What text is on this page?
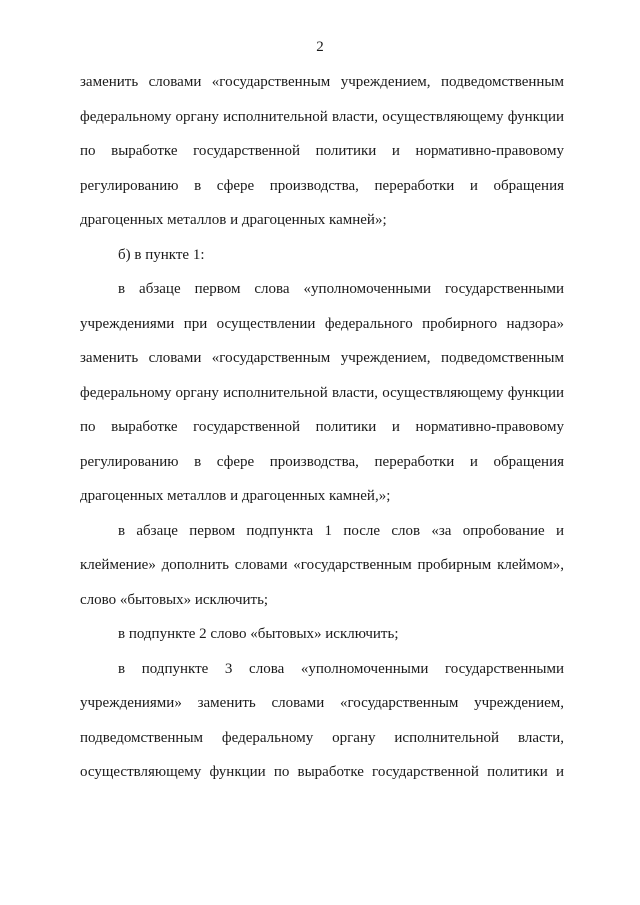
2
заменить словами «государственным учреждением, подведомственным
федеральному органу исполнительной власти, осуществляющему функции
по выработке государственной политики и нормативно-правовому
регулированию в сфере производства, переработки и обращения
драгоценных металлов и драгоценных камней»;
б) в пункте 1:
в абзаце первом слова «уполномоченными государственными
учреждениями при осуществлении федерального пробирного надзора»
заменить словами «государственным учреждением, подведомственным
федеральному органу исполнительной власти, осуществляющему функции
по выработке государственной политики и нормативно-правовому
регулированию в сфере производства, переработки и обращения
драгоценных металлов и драгоценных камней,»;
в абзаце первом подпункта 1 после слов «за опробование и
клеймение» дополнить словами «государственным пробирным клеймом»,
слово «бытовых» исключить;
в подпункте 2 слово «бытовых» исключить;
в подпункте 3 слова «уполномоченными государственными
учреждениями» заменить словами «государственным учреждением,
подведомственным федеральному органу исполнительной власти,
осуществляющему функции по выработке государственной политики и
